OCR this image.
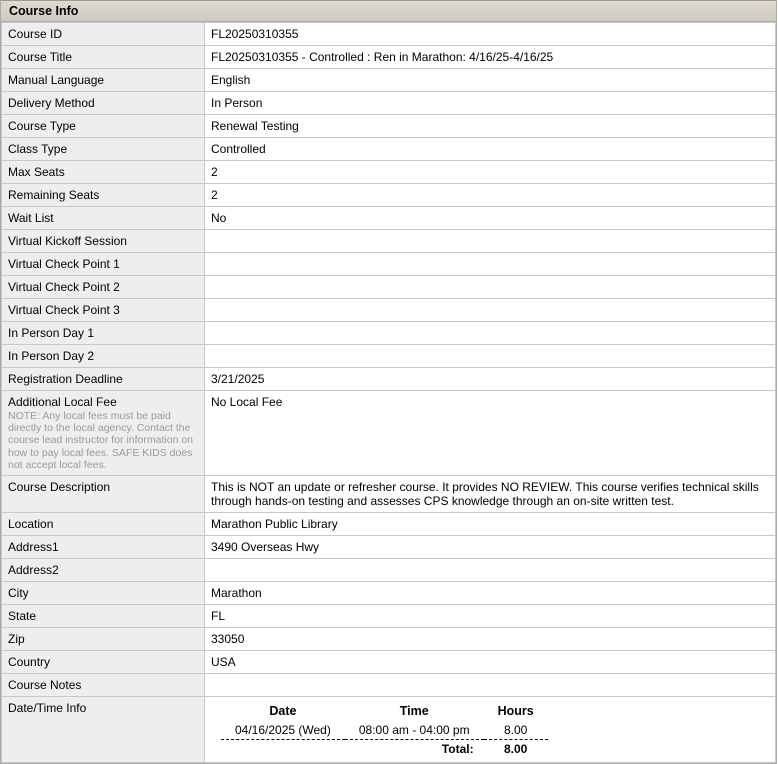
Course Info
Course ID	FL20250310355
Course Title	FL20250310355 - Controlled : Ren in Marathon: 4/16/25-4/16/25
Manual Language	English
Delivery Method	In Person
Course Type	Renewal Testing
Class Type	Controlled
Max Seats	2
Remaining Seats	2
Wait List	No
Virtual Kickoff Session	
Virtual Check Point 1	
Virtual Check Point 2	
Virtual Check Point 3	
In Person Day 1	
In Person Day 2	
Registration Deadline	3/21/2025
Additional Local Fee
NOTE: Any local fees must be paid directly to the local agency. Contact the course lead instructor for information on how to pay local fees. SAFE KIDS does not accept local fees.
	No Local Fee
Course Description	This is NOT an update or refresher course. It provides NO REVIEW. This course verifies technical skills through hands-on testing and assesses CPS knowledge through an on-site written test.
Location	Marathon Public Library
Address1	3490 Overseas Hwy
Address2	
City	Marathon
State	FL
Zip	33050
Country	USA
Course Notes	
Date/Time Info		Date	Time	Hours
04/16/2025 (Wed)	08:00 am - 04:00 pm	8.00
	Total:	8.00
